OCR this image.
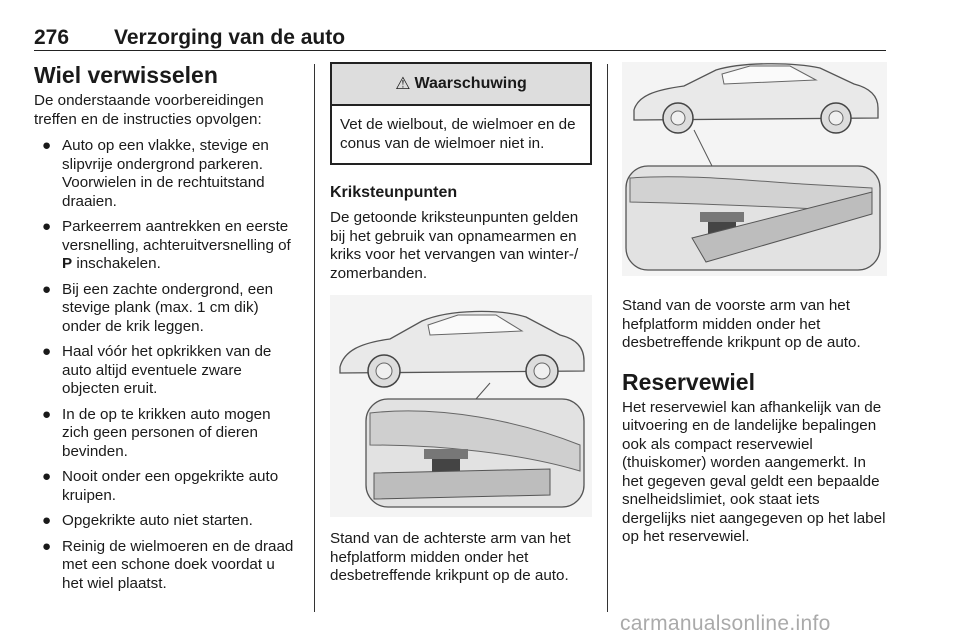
276 Verzorging van de auto
Wiel verwisselen

De onderstaande voorbereidingen treffen en de instructies opvolgen:

● Auto op een vlakke, stevige en slipvrije ondergrond parkeren. Voorwielen in de rechtuitstand draaien.
● Parkeerrem aantrekken en eerste versnelling, achteruitversnelling of P inschakelen.
● Bij een zachte ondergrond, een stevige plank (max. 1 cm dik) onder de krik leggen.
● Haal vóór het opkrikken van de auto altijd eventuele zware objecten eruit.
● In de op te krikken auto mogen zich geen personen of dieren bevinden.
● Nooit onder een opgekrikte auto kruipen.
● Opgekrikte auto niet starten.
● Reinig de wielmoeren en de draad met een schone doek voordat u het wiel plaatst.
⚠ Waarschuwing
Vet de wielbout, de wielmoer en de conus van de wielmoer niet in.
Kriksteunpunten

De getoonde kriksteunpunten gelden bij het gebruik van opnamearmen en kriks voor het vervangen van winter-/ zomerbanden.

Stand van de achterste arm van het hefplatform midden onder het desbetreffende krikpunt op de auto.

Stand van de voorste arm van het hefplatform midden onder het desbetreffende krikpunt op de auto.

Reservewiel

Het reservewiel kan afhankelijk van de uitvoering en de landelijke bepalingen ook als compact reservewiel (thuiskomer) worden aangemerkt. In het gegeven geval geldt een bepaalde snelheidslimiet, ook staat iets dergelijks niet aangegeven op het label op het reservewiel.

carmanualsonline.info
